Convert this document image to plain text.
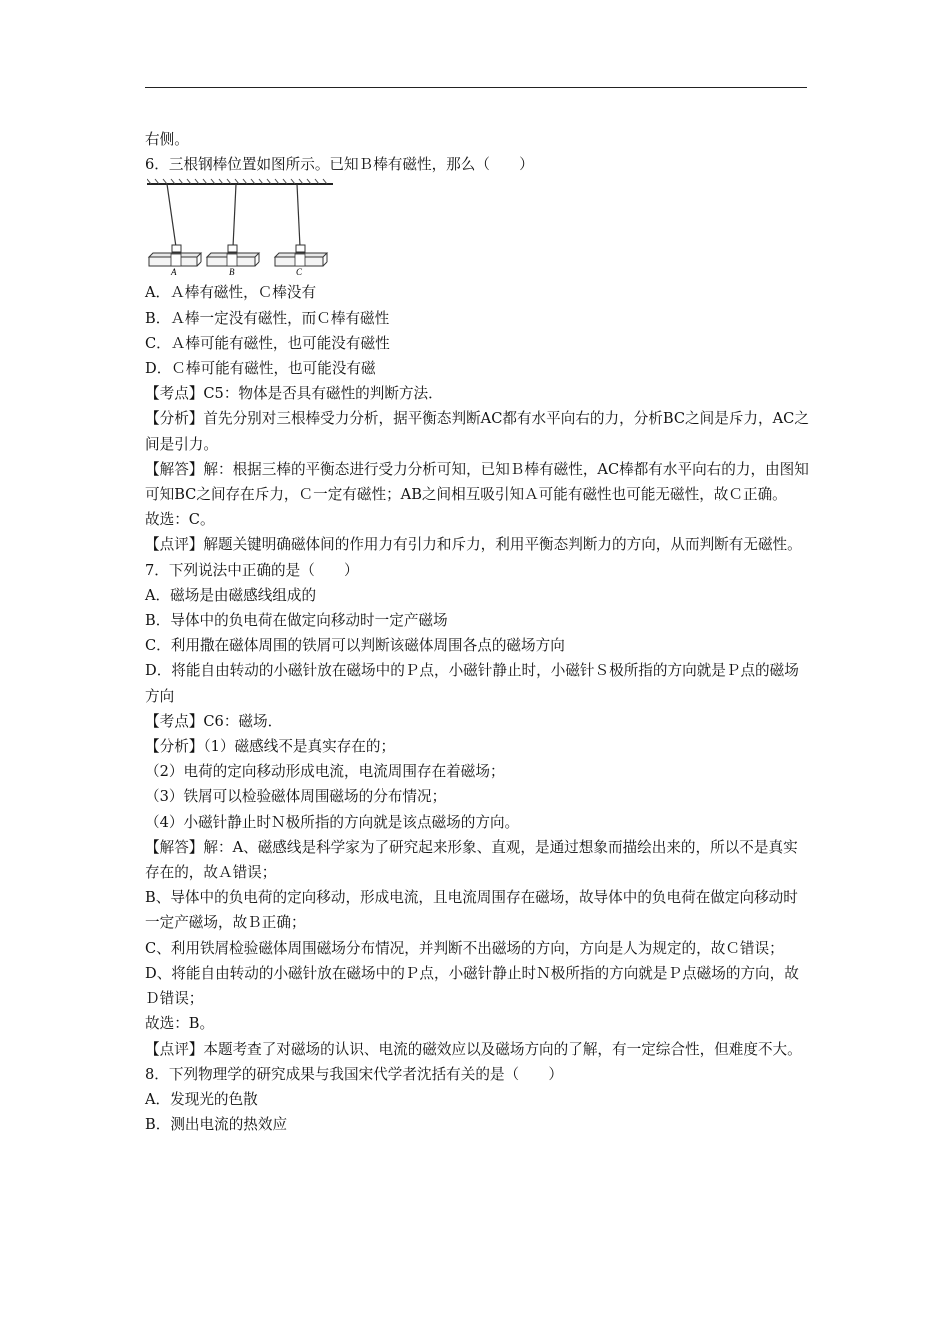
右侧。
6．三根钢棒位置如图所示。已知Ｂ棒有磁性，那么（　　）
A	B	C
A．Ａ棒有磁性，Ｃ棒没有
B．Ａ棒一定没有磁性，而Ｃ棒有磁性
C．Ａ棒可能有磁性，也可能没有磁性
D．Ｃ棒可能有磁性，也可能没有磁
【考点】C5：物体是否具有磁性的判断方法．
【分析】首先分别对三根棒受力分析，据平衡态判断AC都有水平向右的力，分析BC之间是斥力，AC之间是引力。
【解答】解：根据三棒的平衡态进行受力分析可知，已知Ｂ棒有磁性，AC棒都有水平向右的力，由图知可知BC之间存在斥力，Ｃ一定有磁性；AB之间相互吸引知Ａ可能有磁性也可能无磁性，故Ｃ正确。
故选：C。
【点评】解题关键明确磁体间的作用力有引力和斥力，利用平衡态判断力的方向，从而判断有无磁性。
7．下列说法中正确的是（　　）
A．磁场是由磁感线组成的
B．导体中的负电荷在做定向移动时一定产磁场
C．利用撒在磁体周围的铁屑可以判断该磁体周围各点的磁场方向
D．将能自由转动的小磁针放在磁场中的Ｐ点，小磁针静止时，小磁针Ｓ极所指的方向就是Ｐ点的磁场方向
【考点】C6：磁场．
【分析】（1）磁感线不是真实存在的；
（2）电荷的定向移动形成电流，电流周围存在着磁场；
（3）铁屑可以检验磁体周围磁场的分布情况；
（4）小磁针静止时Ｎ极所指的方向就是该点磁场的方向。
【解答】解：A、磁感线是科学家为了研究起来形象、直观，是通过想象而描绘出来的，所以不是真实存在的，故Ａ错误；
B、导体中的负电荷的定向移动，形成电流，且电流周围存在磁场，故导体中的负电荷在做定向移动时一定产磁场，故Ｂ正确；
C、利用铁屑检验磁体周围磁场分布情况，并判断不出磁场的方向，方向是人为规定的，故Ｃ错误；
D、将能自由转动的小磁针放在磁场中的Ｐ点，小磁针静止时Ｎ极所指的方向就是Ｐ点磁场的方向，故Ｄ错误；
故选：B。
【点评】本题考查了对磁场的认识、电流的磁效应以及磁场方向的了解，有一定综合性，但难度不大。
8．下列物理学的研究成果与我国宋代学者沈括有关的是（　　）
A．发现光的色散
B．测出电流的热效应
